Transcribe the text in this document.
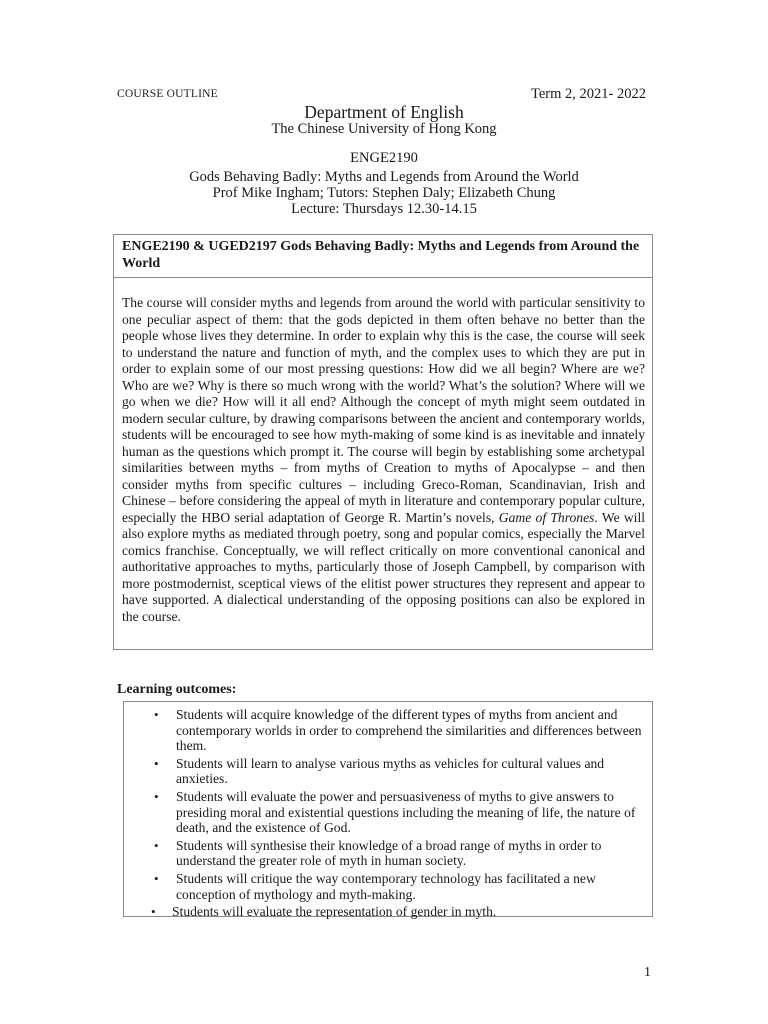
COURSE OUTLINE	Term 2, 2021- 2022
Department of English
The Chinese University of Hong Kong
ENGE2190
Gods Behaving Badly: Myths and Legends from Around the World
Prof Mike Ingham; Tutors: Stephen Daly; Elizabeth Chung
Lecture: Thursdays 12.30-14.15
ENGE2190 & UGED2197 Gods Behaving Badly: Myths and Legends from Around the World
The course will consider myths and legends from around the world with particular sensitivity to one peculiar aspect of them: that the gods depicted in them often behave no better than the people whose lives they determine. In order to explain why this is the case, the course will seek to understand the nature and function of myth, and the complex uses to which they are put in order to explain some of our most pressing questions: How did we all begin? Where are we? Who are we? Why is there so much wrong with the world? What’s the solution? Where will we go when we die? How will it all end? Although the concept of myth might seem outdated in modern secular culture, by drawing comparisons between the ancient and contemporary worlds, students will be encouraged to see how myth-making of some kind is as inevitable and innately human as the questions which prompt it. The course will begin by establishing some archetypal similarities between myths – from myths of Creation to myths of Apocalypse – and then consider myths from specific cultures – including Greco-Roman, Scandinavian, Irish and Chinese – before considering the appeal of myth in literature and contemporary popular culture, especially the HBO serial adaptation of George R. Martin’s novels, Game of Thrones. We will also explore myths as mediated through poetry, song and popular comics, especially the Marvel comics franchise. Conceptually, we will reflect critically on more conventional canonical and authoritative approaches to myths, particularly those of Joseph Campbell, by comparison with more postmodernist, sceptical views of the elitist power structures they represent and appear to have supported. A dialectical understanding of the opposing positions can also be explored in the course.
Learning outcomes:
• Students will acquire knowledge of the different types of myths from ancient and contemporary worlds in order to comprehend the similarities and differences between them.
• Students will learn to analyse various myths as vehicles for cultural values and anxieties.
• Students will evaluate the power and persuasiveness of myths to give answers to presiding moral and existential questions including the meaning of life, the nature of death, and the existence of God.
• Students will synthesise their knowledge of a broad range of myths in order to understand the greater role of myth in human society.
• Students will critique the way contemporary technology has facilitated a new conception of mythology and myth-making.
• Students will evaluate the representation of gender in myth.
1
